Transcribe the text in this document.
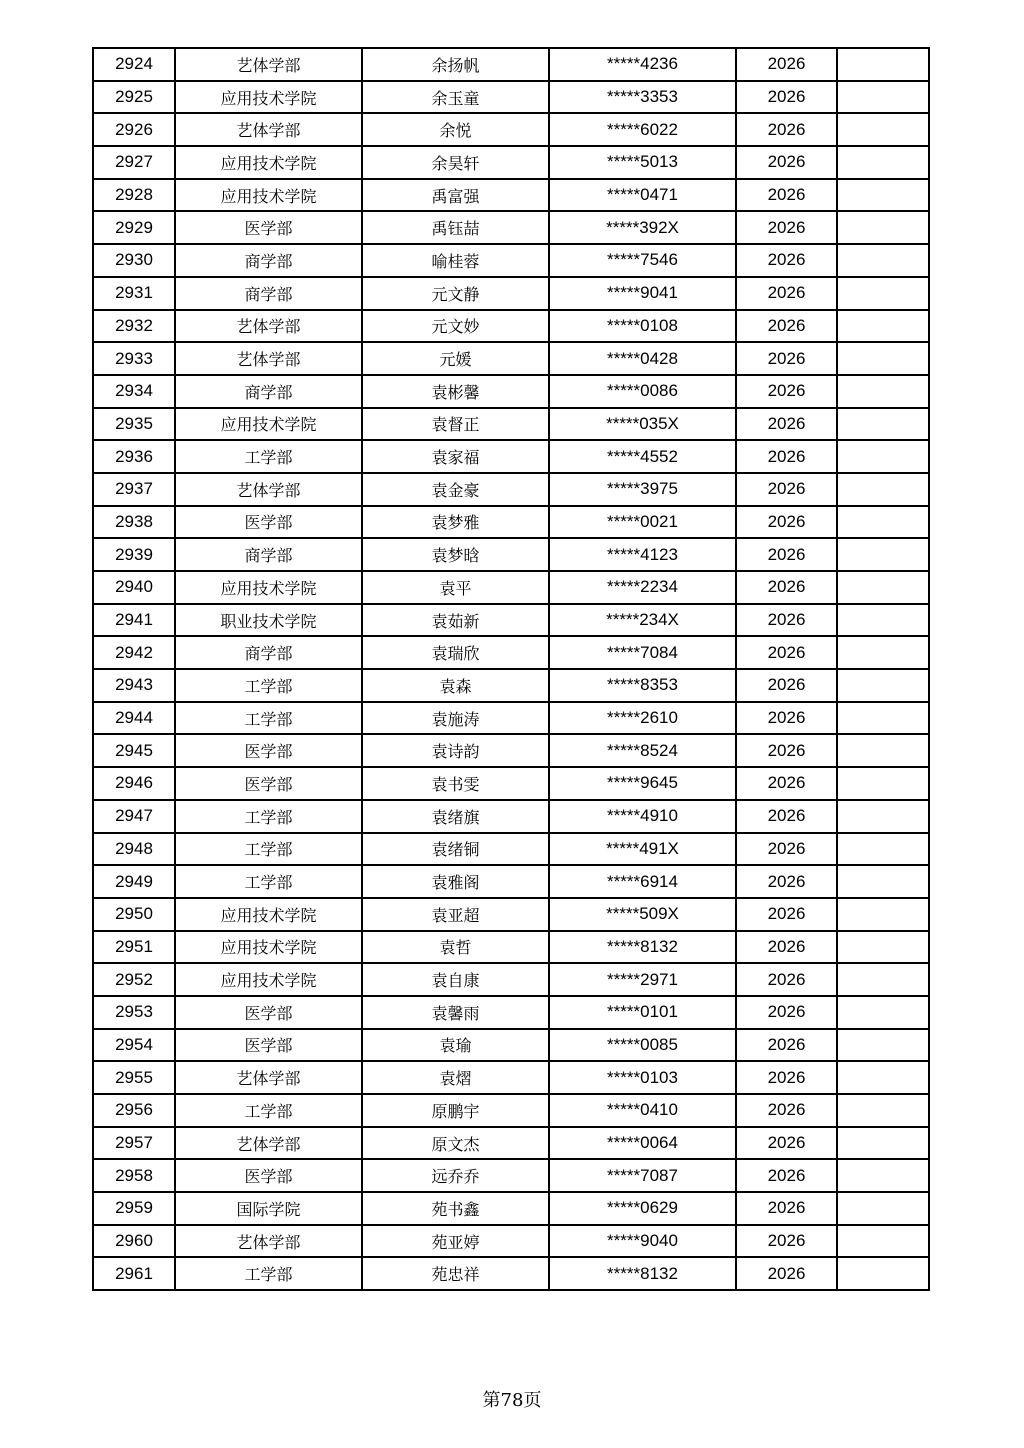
2924	艺体学部	余扬帆	*****4236	2026	
2925	应用技术学院	余玉童	*****3353	2026	
2926	艺体学部	余悦	*****6022	2026	
2927	应用技术学院	余昊轩	*****5013	2026	
2928	应用技术学院	禹富强	*****0471	2026	
2929	医学部	禹钰喆	*****392X	2026	
2930	商学部	喻桂蓉	*****7546	2026	
2931	商学部	元文静	*****9041	2026	
2932	艺体学部	元文妙	*****0108	2026	
2933	艺体学部	元媛	*****0428	2026	
2934	商学部	袁彬馨	*****0086	2026	
2935	应用技术学院	袁督正	*****035X	2026	
2936	工学部	袁家福	*****4552	2026	
2937	艺体学部	袁金豪	*****3975	2026	
2938	医学部	袁梦雅	*****0021	2026	
2939	商学部	袁梦晗	*****4123	2026	
2940	应用技术学院	袁平	*****2234	2026	
2941	职业技术学院	袁茹新	*****234X	2026	
2942	商学部	袁瑞欣	*****7084	2026	
2943	工学部	袁森	*****8353	2026	
2944	工学部	袁施涛	*****2610	2026	
2945	医学部	袁诗韵	*****8524	2026	
2946	医学部	袁书雯	*****9645	2026	
2947	工学部	袁绪旗	*****4910	2026	
2948	工学部	袁绪铜	*****491X	2026	
2949	工学部	袁雅阁	*****6914	2026	
2950	应用技术学院	袁亚超	*****509X	2026	
2951	应用技术学院	袁哲	*****8132	2026	
2952	应用技术学院	袁自康	*****2971	2026	
2953	医学部	袁馨雨	*****0101	2026	
2954	医学部	袁瑜	*****0085	2026	
2955	艺体学部	袁熠	*****0103	2026	
2956	工学部	原鹏宇	*****0410	2026	
2957	艺体学部	原文杰	*****0064	2026	
2958	医学部	远乔乔	*****7087	2026	
2959	国际学院	苑书鑫	*****0629	2026	
2960	艺体学部	苑亚婷	*****9040	2026	
2961	工学部	苑忠祥	*****8132	2026	
第78页
